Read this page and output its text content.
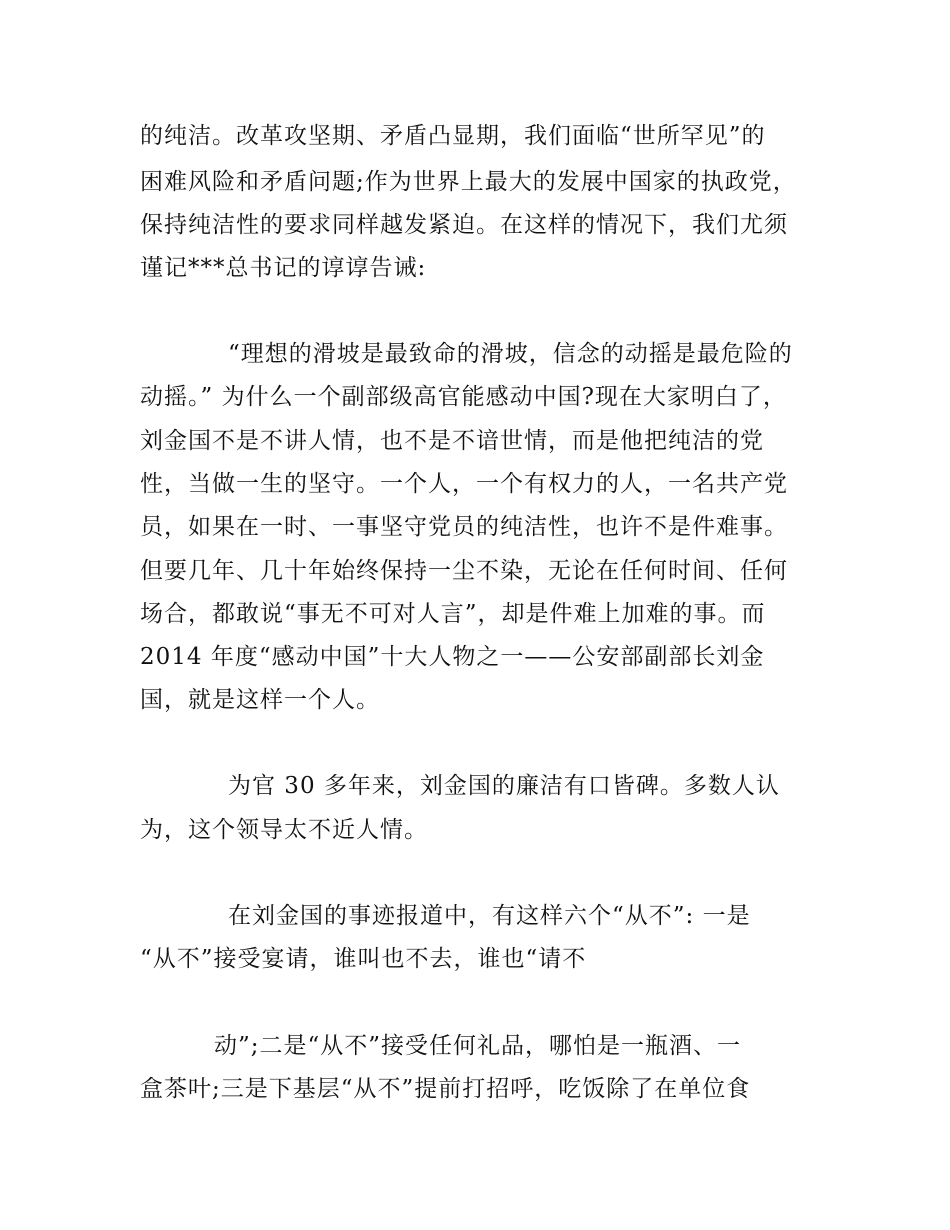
的纯洁。改革攻坚期、矛盾凸显期，我们面临“世所罕见”的
困难风险和矛盾问题;作为世界上最大的发展中国家的执政党，
保持纯洁性的要求同样越发紧迫。在这样的情况下，我们尤须
谨记***总书记的谆谆告诫:
“理想的滑坡是最致命的滑坡，信念的动摇是最危险的
动摇。” 为什么一个副部级高官能感动中国?现在大家明白了，
刘金国不是不讲人情，也不是不谙世情，而是他把纯洁的党
性，当做一生的坚守。一个人，一个有权力的人，一名共产党
员，如果在一时、一事坚守党员的纯洁性，也许不是件难事。
但要几年、几十年始终保持一尘不染，无论在任何时间、任何
场合，都敢说“事无不可对人言”，却是件难上加难的事。而
2014 年度“感动中国”十大人物之一——公安部副部长刘金
国，就是这样一个人。
为官 30 多年来，刘金国的廉洁有口皆碑。多数人认
为，这个领导太不近人情。
在刘金国的事迹报道中，有这样六个“从不”: 一是
“从不”接受宴请，谁叫也不去，谁也“请不
动”;二是“从不”接受任何礼品，哪怕是一瓶酒、一
盒茶叶;三是下基层“从不”提前打招呼，吃饭除了在单位食
